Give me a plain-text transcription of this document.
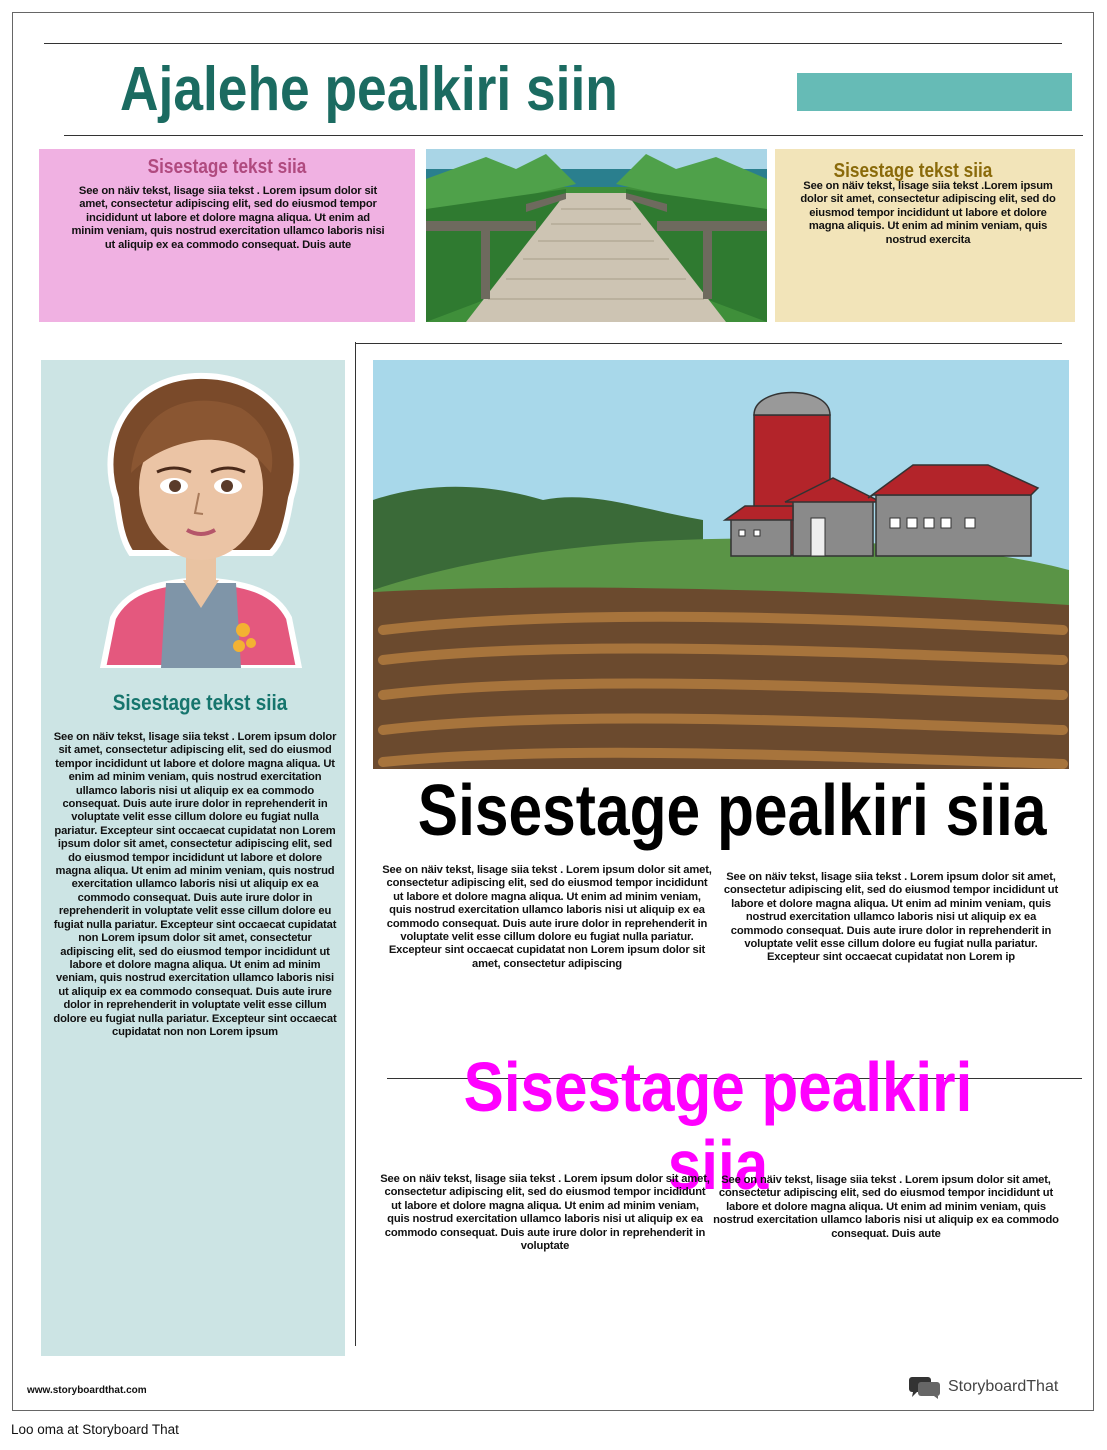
Ajalehe pealkiri siin
Sisestage tekst siia
See on näiv tekst, lisage siia tekst . Lorem ipsum dolor sit amet, consectetur adipiscing elit, sed do eiusmod tempor incididunt ut labore et dolore magna aliqua. Ut enim ad minim veniam, quis nostrud exercitation ullamco laboris nisi ut aliquip ex ea commodo consequat. Duis aute
Sisestage tekst siia
See on näiv tekst, lisage siia tekst .Lorem ipsum dolor sit amet, consectetur adipiscing elit, sed do eiusmod tempor incididunt ut labore et dolore magna aliquis. Ut enim ad minim veniam, quis nostrud exercita
Sisestage tekst siia
See on näiv tekst, lisage siia tekst . Lorem ipsum dolor sit amet, consectetur adipiscing elit, sed do eiusmod tempor incididunt ut labore et dolore magna aliqua. Ut enim ad minim veniam, quis nostrud exercitation ullamco laboris nisi ut aliquip ex ea commodo consequat. Duis aute irure dolor in reprehenderit in voluptate velit esse cillum dolore eu fugiat nulla pariatur. Excepteur sint occaecat cupidatat non Lorem ipsum dolor sit amet, consectetur adipiscing elit, sed do eiusmod tempor incididunt ut labore et dolore magna aliqua. Ut enim ad minim veniam, quis nostrud exercitation ullamco laboris nisi ut aliquip ex ea commodo consequat. Duis aute irure dolor in reprehenderit in voluptate velit esse cillum dolore eu fugiat nulla pariatur. Excepteur sint occaecat cupidatat non Lorem ipsum dolor sit amet, consectetur adipiscing elit, sed do eiusmod tempor incididunt ut labore et dolore magna aliqua. Ut enim ad minim veniam, quis nostrud exercitation ullamco laboris nisi ut aliquip ex ea commodo consequat. Duis aute irure dolor in reprehenderit in voluptate velit esse cillum dolore eu fugiat nulla pariatur. Excepteur sint occaecat cupidatat non non Lorem ipsum
Sisestage pealkiri siia
See on näiv tekst, lisage siia tekst . Lorem ipsum dolor sit amet, consectetur adipiscing elit, sed do eiusmod tempor incididunt ut labore et dolore magna aliqua. Ut enim ad minim veniam, quis nostrud exercitation ullamco laboris nisi ut aliquip ex ea commodo consequat. Duis aute irure dolor in reprehenderit in voluptate velit esse cillum dolore eu fugiat nulla pariatur. Excepteur sint occaecat cupidatat non Lorem ipsum dolor sit amet, consectetur adipiscing
See on näiv tekst, lisage siia tekst . Lorem ipsum dolor sit amet, consectetur adipiscing elit, sed do eiusmod tempor incididunt ut labore et dolore magna aliqua. Ut enim ad minim veniam, quis nostrud exercitation ullamco laboris nisi ut aliquip ex ea commodo consequat. Duis aute irure dolor in reprehenderit in voluptate velit esse cillum dolore eu fugiat nulla pariatur. Excepteur sint occaecat cupidatat non Lorem ip
Sisestage pealkiri siia
See on näiv tekst, lisage siia tekst . Lorem ipsum dolor sit amet, consectetur adipiscing elit, sed do eiusmod tempor incididunt ut labore et dolore magna aliqua. Ut enim ad minim veniam, quis nostrud exercitation ullamco laboris nisi ut aliquip ex ea commodo consequat. Duis aute irure dolor in reprehenderit in voluptate
See on näiv tekst, lisage siia tekst . Lorem ipsum dolor sit amet, consectetur adipiscing elit, sed do eiusmod tempor incididunt ut labore et dolore magna aliqua. Ut enim ad minim veniam, quis nostrud exercitation ullamco laboris nisi ut aliquip ex ea commodo consequat. Duis aute
www.storyboardthat.com	StoryboardThat
Loo oma at Storyboard That
